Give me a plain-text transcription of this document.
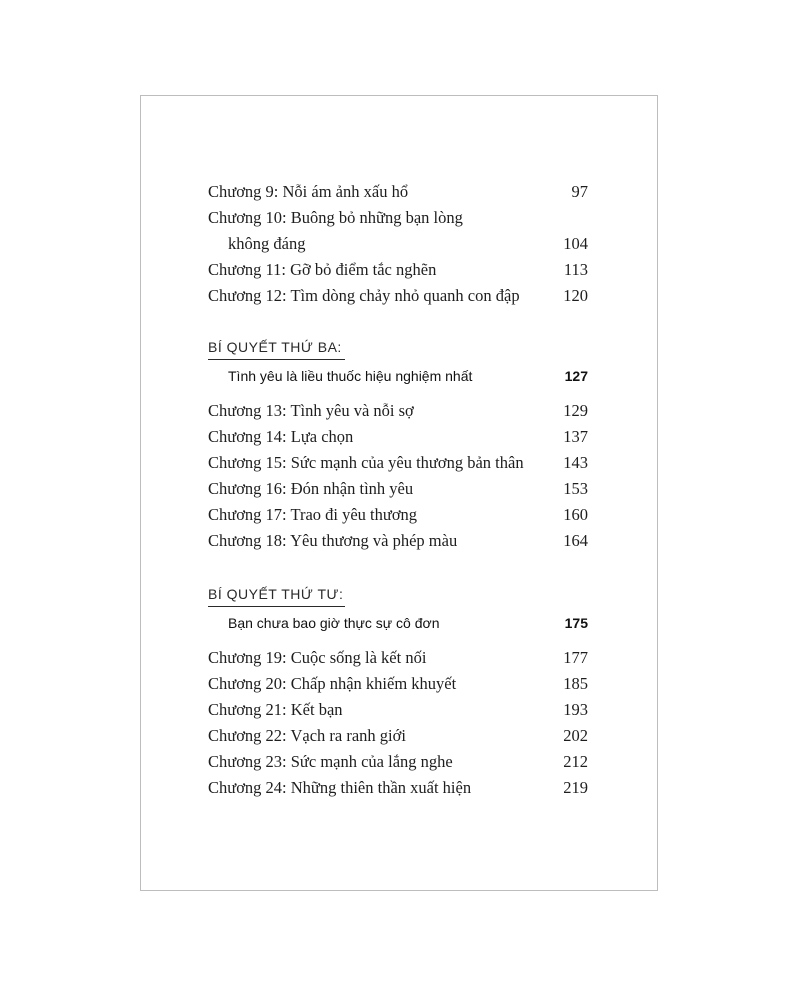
Chương 9: Nỗi ám ảnh xấu hổ	97
Chương 10: Buông bỏ những bạn lòng
không đáng	104
Chương 11: Gỡ bỏ điểm tắc nghẽn	113
Chương 12: Tìm dòng chảy nhỏ quanh con đập	120
BÍ QUYẾT THỨ BA:
Tình yêu là liều thuốc hiệu nghiệm nhất	127
Chương 13: Tình yêu và nỗi sợ	129
Chương 14: Lựa chọn	137
Chương 15: Sức mạnh của yêu thương bản thân 143
Chương 16: Đón nhận tình yêu	153
Chương 17: Trao đi yêu thương	160
Chương 18: Yêu thương và phép màu	164
BÍ QUYẾT THỨ TƯ:
Bạn chưa bao giờ thực sự cô đơn	175
Chương 19: Cuộc sống là kết nối	177
Chương 20: Chấp nhận khiếm khuyết	185
Chương 21: Kết bạn	193
Chương 22: Vạch ra ranh giới	202
Chương 23: Sức mạnh của lắng nghe	212
Chương 24: Những thiên thần xuất hiện	219
